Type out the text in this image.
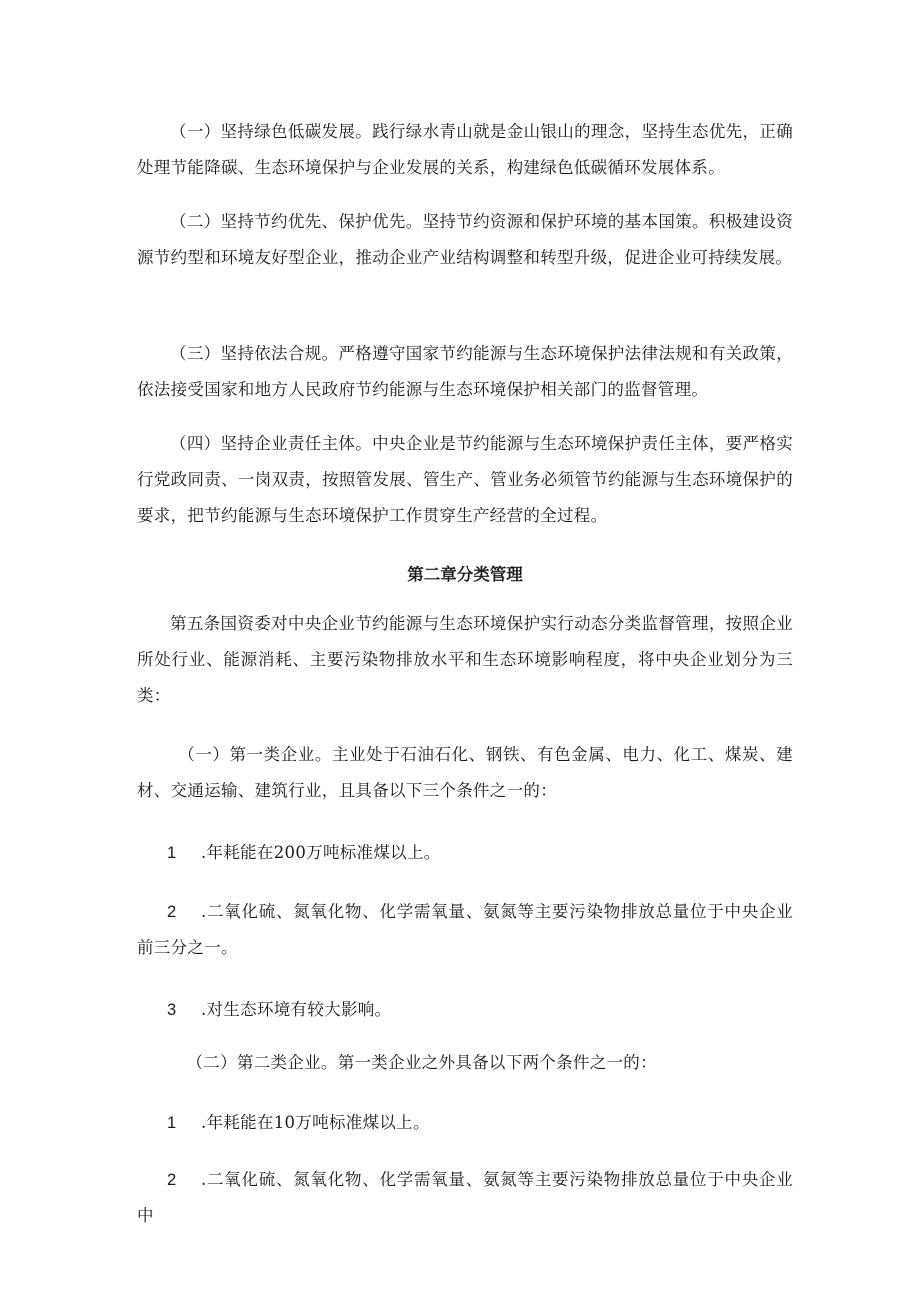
（一）坚持绿色低碳发展。践行绿水青山就是金山银山的理念，坚持生态优先，正确处理节能降碳、生态环境保护与企业发展的关系，构建绿色低碳循环发展体系。

（二）坚持节约优先、保护优先。坚持节约资源和保护环境的基本国策。积极建设资源节约型和环境友好型企业，推动企业产业结构调整和转型升级，促进企业可持续发展。

（三）坚持依法合规。严格遵守国家节约能源与生态环境保护法律法规和有关政策，依法接受国家和地方人民政府节约能源与生态环境保护相关部门的监督管理。

（四）坚持企业责任主体。中央企业是节约能源与生态环境保护责任主体，要严格实行党政同责、一岗双责，按照管发展、管生产、管业务必须管节约能源与生态环境保护的要求，把节约能源与生态环境保护工作贯穿生产经营的全过程。

第二章分类管理

第五条国资委对中央企业节约能源与生态环境保护实行动态分类监督管理，按照企业所处行业、能源消耗、主要污染物排放水平和生态环境影响程度，将中央企业划分为三类：

（一）第一类企业。主业处于石油石化、钢铁、有色金属、电力、化工、煤炭、建材、交通运输、建筑行业，且具备以下三个条件之一的：

1 .年耗能在200万吨标准煤以上。

2 .二氧化硫、氮氧化物、化学需氧量、氨氮等主要污染物排放总量位于中央企业前三分之一。

3 .对生态环境有较大影响。

（二）第二类企业。第一类企业之外具备以下两个条件之一的：

1 .年耗能在10万吨标准煤以上。

2 .二氧化硫、氮氧化物、化学需氧量、氨氮等主要污染物排放总量位于中央企业中
